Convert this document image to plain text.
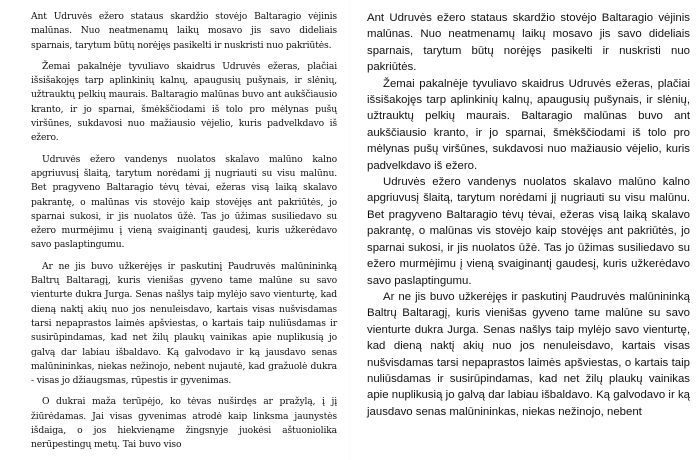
Ant Udruvės ežero stataus skardžio stovėjo Baltaragio vėjinis malūnas. Nuo neatmenamų laikų mosavo jis savo dideliais sparnais, tarytum būtų norėjęs pasikelti ir nuskristi nuo pakriūtės.

Žemai pakalnėje tyvuliavo skaidrus Udruvės ežeras, plačiai išsišakojęs tarp aplinkinių kalnų, apaugusių pušynais, ir slėnių, užtrauktų pelkių maurais. Baltaragio malūnas buvo ant aukščiausio kranto, ir jo sparnai, šmėkščiodami iš tolo pro mėlynas pušų viršūnes, sukdavosi nuo mažiausio vėjelio, kuris padvelkdavo iš ežero.

Udruvės ežero vandenys nuolatos skalavo malūno kalno apgriuvusį šlaitą, tarytum norėdami jį nugriauti su visu malūnu. Bet pragyveno Baltaragio tėvų tėvai, ežeras visą laiką skalavo pakrantę, o malūnas vis stovėjo kaip stovėjęs ant pakriūtės, jo sparnai sukosi, ir jis nuolatos ūžė. Tas jo ūžimas susiliedavo su ežero murmėjimu į vieną svaiginantį gaudesį, kuris užkerėdavo savo paslaptingumu.

Ar ne jis buvo užkerėjęs ir paskutinį Paudruvės malūnininką Baltrų Baltaragį, kuris vienišas gyveno tame malūne su savo vienturte dukra Jurga. Senas našlys taip mylėjo savo vienturtę, kad dieną naktį akių nuo jos nenuleisdavo, kartais visas nušvisdamas tarsi nepaprastos laimės apšviestas, o kartais taip nuliūsdamas ir susirūpindamas, kad net žilų plaukų vainikas apie nuplikusią jo galvą dar labiau išbaldavo. Ką galvodavo ir ką jausdavo senas malūnininkas, niekas nežinojo, nebent nujautė, kad gražuolė dukra - visas jo džiaugsmas, rūpestis ir gyvenimas.

O dukrai maža terūpėjo, ko tėvas nuširdęs ar pražylą, į jį žiūrėdamas. Jai visas gyvenimas atrodė kaip linksma jaunystės išdaiga, o jos hiekvienąme žingsnyje juokėsi aštuoniolika nerūpestingų metų. Tai buvo viso

Ant Udruvės ežero stataus skardžio stovėjo Baltaragio vėjinis malūnas. Nuo neatmenamų laikų mosavo jis savo dideliais sparnais, tarytum būtų norėjęs pasikelti ir nuskristi nuo pakriūtės.

Žemai pakalnėje tyvuliavo skaidrus Udruvės ežeras, plačiai išsišakojęs tarp aplinkinių kalnų, apaugusių pušynais, ir slėnių, užtrauktų pelkių maurais. Baltaragio malūnas buvo ant aukščiausio kranto, ir jo sparnai, šmėkščiodami iš tolo pro mėlynas pušų viršūnes, sukdavosi nuo mažiausio vėjelio, kuris padvelkdavo iš ežero.

Udruvės ežero vandenys nuolatos skalavo malūno kalno apgriuvusį šlaitą, tarytum norėdami jį nugriauti su visu malūnu. Bet pragyveno Baltaragio tėvų tėvai, ežeras visą laiką skalavo pakrantę, o malūnas vis stovėjo kaip stovėjęs ant pakriūtės, jo sparnai sukosi, ir jis nuolatos ūžė. Tas jo ūžimas susiliedavo su ežero murmėjimu į vieną svaiginantį gaudesį, kuris užkerėdavo savo paslaptingumu.

Ar ne jis buvo užkerėjęs ir paskutinį Paudruvės malūnininką Baltrų Baltaragį, kuris vienišas gyveno tame malūne su savo vienturte dukra Jurga. Senas našlys taip mylėjo savo vienturtę, kad dieną naktį akių nuo jos nenuleisdavo, kartais visas nušvisdamas tarsi nepaprastos laimės apšviestas, o kartais taip nuliūsdamas ir susirūpindamas, kad net žilų plaukų vainikas apie nuplikusią jo galvą dar labiau išbaldavo. Ką galvodavo ir ką jausdavo senas malūnininkas, niekas nežinojo, nebent
